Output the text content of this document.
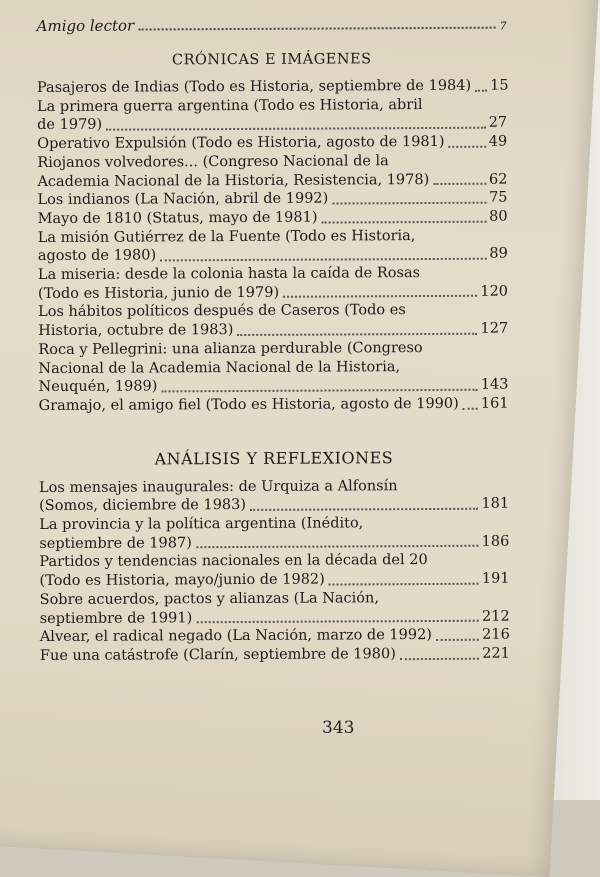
Amigo lector	7
CRÓNICAS E IMÁGENES
Pasajeros de Indias (Todo es Historia, septiembre de 1984) 15
La primera guerra argentina (Todo es Historia, abril
de 1979)	27
Operativo Expulsión (Todo es Historia, agosto de 1981)	49
Riojanos volvedores... (Congreso Nacional de la
Academia Nacional de la Historia, Resistencia, 1978)	62
Los indianos (La Nación, abril de 1992)	75
Mayo de 1810 (Status, mayo de 1981)	80
La misión Gutiérrez de la Fuente (Todo es Historia,
agosto de 1980)	89
La miseria: desde la colonia hasta la caída de Rosas
(Todo es Historia, junio de 1979)	120
Los hábitos políticos después de Caseros (Todo es
Historia, octubre de 1983)	127
Roca y Pellegrini: una alianza perdurable (Congreso
Nacional de la Academia Nacional de la Historia,
Neuquén, 1989)	143
Gramajo, el amigo fiel (Todo es Historia, agosto de 1990) 161
ANÁLISIS Y REFLEXIONES
Los mensajes inaugurales: de Urquiza a Alfonsín
(Somos, diciembre de 1983)	181
La provincia y la política argentina (Inédito,
septiembre de 1987)	186
Partidos y tendencias nacionales en la década del 20
(Todo es Historia, mayo/junio de 1982)	191
Sobre acuerdos, pactos y alianzas (La Nación,
septiembre de 1991)	212
Alvear, el radical negado (La Nación, marzo de 1992)	216
Fue una catástrofe (Clarín, septiembre de 1980)	221
343
